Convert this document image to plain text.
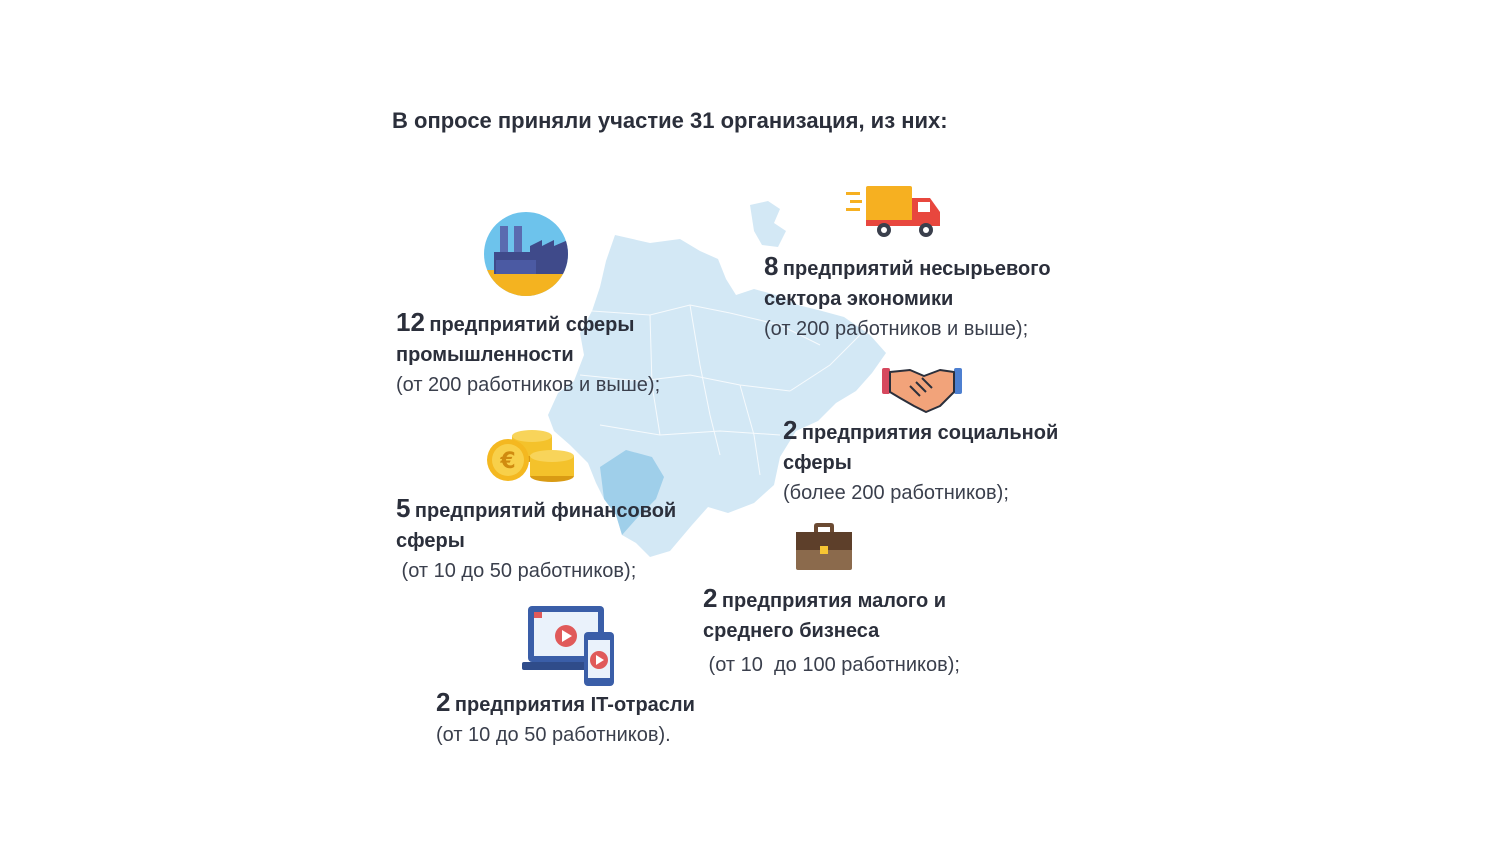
В опросе приняли участие 31 организация, из них:
12 предприятий сферы
промышленности
(от 200 работников и выше);
8 предприятий несырьевого
сектора экономики
(от 200 работников и выше);
2 предприятия социальной
сферы
(более 200 работников);
€
5 предприятий финансовой
сферы
(от 10 до 50 работников);
2 предприятия малого и
среднего бизнеса
(от 10  до 100 работников);
2 предприятия IT-отрасли
(от 10 до 50 работников).
